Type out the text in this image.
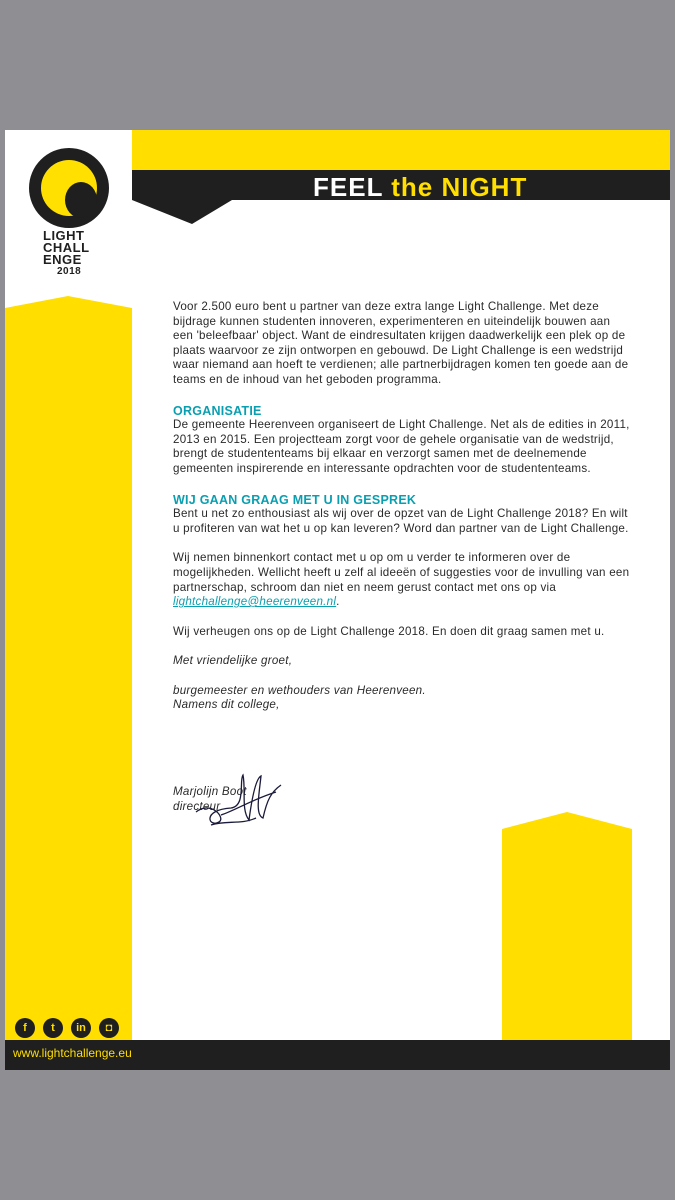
LIGHT
CHALL
ENGE
2018
FEEL the NIGHT
f	t	in	◘
www.lightchallenge.eu

Voor 2.500 euro bent u partner van deze extra lange Light Challenge. Met deze bijdrage kunnen studenten innoveren, experimenteren en uiteindelijk bouwen aan een 'beleefbaar' object. Want de eindresultaten krijgen daadwerkelijk een plek op de plaats waarvoor ze zijn ontworpen en gebouwd. De Light Challenge is een wedstrijd waar niemand aan hoeft te verdienen; alle partnerbijdragen komen ten goede aan de teams en de inhoud van het geboden programma.

ORGANISATIE

De gemeente Heerenveen organiseert de Light Challenge. Net als de edities in 2011, 2013 en 2015. Een projectteam zorgt voor de gehele organisatie van de wedstrijd, brengt de studententeams bij elkaar en verzorgt samen met de deelnemende gemeenten inspirerende en interessante opdrachten voor de studententeams.

WIJ GAAN GRAAG MET U IN GESPREK

Bent u net zo enthousiast als wij over de opzet van de Light Challenge 2018? En wilt u profiteren van wat het u op kan leveren? Word dan partner van de Light Challenge.

Wij nemen binnenkort contact met u op om u verder te informeren over de mogelijkheden. Wellicht heeft u zelf al ideeën of suggesties voor de invulling van een partnerschap, schroom dan niet en neem gerust contact met ons op via lightchallenge@heerenveen.nl.

Wij verheugen ons op de Light Challenge 2018. En doen dit graag samen met u.

Met vriendelijke groet,

burgemeester en wethouders van Heerenveen.

Namens dit college,

Marjolijn Boot

directeur
